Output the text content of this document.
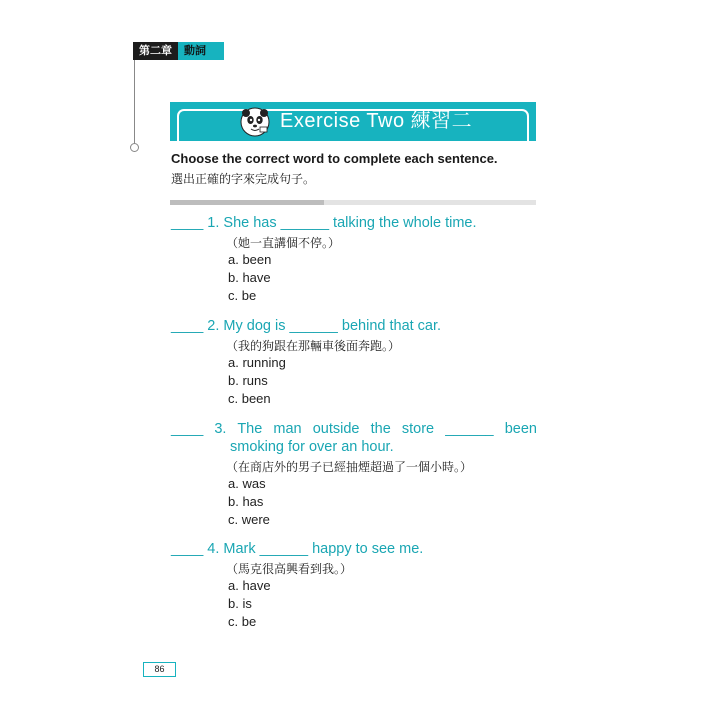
第二章	動詞
Exercise Two 練習二
Choose the correct word to complete each sentence.
選出正確的字來完成句子。
____ 1. She has ______ talking the whole time.
（她一直講個不停。）
a. been
b. have
c. be
____ 2. My dog is ______ behind that car.
（我的狗跟在那輛車後面奔跑。）
a. running
b. runs
c. been
____ 3. The man outside the store ______ been
smoking for over an hour.
（在商店外的男子已經抽煙超過了一個小時。）
a. was
b. has
c. were
____ 4. Mark ______ happy to see me.
（馬克很高興看到我。）
a. have
b. is
c. be
86
